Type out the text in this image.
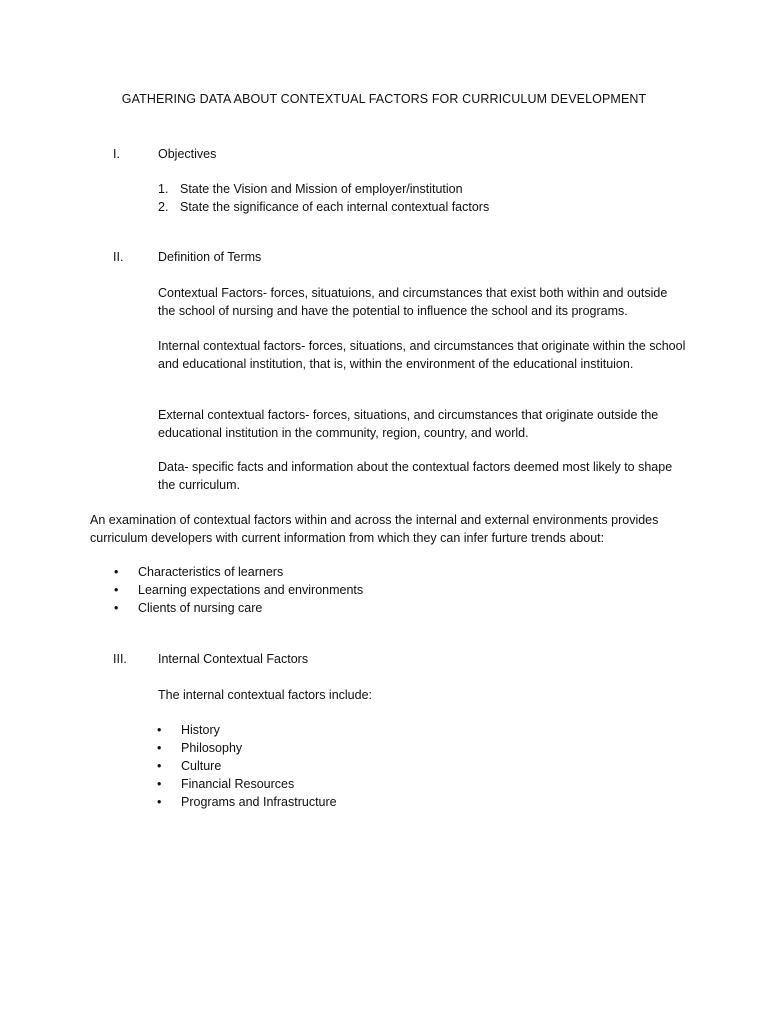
GATHERING DATA ABOUT CONTEXTUAL FACTORS FOR CURRICULUM DEVELOPMENT
I.	Objectives
1. State the Vision and Mission of employer/institution
2. State the significance of each internal contextual factors
II.	Definition of Terms

Contextual Factors- forces, situatuions, and circumstances that exist both within and outside the school of nursing and have the potential to influence the school and its programs.

Internal contextual factors- forces, situations, and circumstances that originate within the school and educational institution, that is, within the environment of the educational instituion.

External contextual factors- forces, situations, and circumstances that originate outside the educational institution in the community, region, country, and world.

Data- specific facts and information about the contextual factors deemed most likely to shape the curriculum.

An examination of contextual factors within and across the internal and external environments provides curriculum developers with current information from which they can infer furture trends about:

• Characteristics of learners
• Learning expectations and environments
• Clients of nursing care
III. Internal Contextual Factors

The internal contextual factors include:

• History
• Philosophy
• Culture
• Financial Resources
• Programs and Infrastructure
